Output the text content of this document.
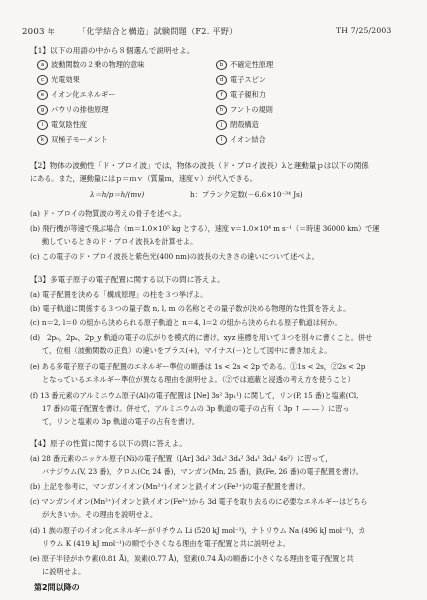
2003 年	「化学結合と構造」試験問題（F2. 平野）	TH 7/25/2003
【1】以下の用語の中から８個選んで説明せよ。
a 波動関数の２乗の物理的意味	b 不確定性原理
c 光電効果	d 電子スピン
e イオン化エネルギー	f 電子親和力
g パウリの排他原理	h フントの規則
i 電気陰性度	j 閉殻構造
k 双極子モーメント	l イオン結合
【2】物体の波動性「ド・ブロイ波」では，物体の波長（ド・ブロイ波長）λと運動量ｐは以下の関係
にある。また，運動量にはｐ＝ｍｖ（質量ｍ，速度ｖ）が代入できる。
λ＝h/p＝h/(mv)	h：プランク定数(－6.6×10⁻³⁴ Js)
(a) ド・ブロイの物質波の考えの骨子を述べよ。
(b) 飛行機が等速で飛ぶ場合（m＝1.0×10⁵ kg とする），速度 v＝1.0×10⁴ m s⁻¹（＝時速 36000 km）で運
動しているときのド・ブロイ波長λを計算せよ。
(c) この電子のド・ブロイ波長と紫色光(400 nm)の波長の大きさの違いについて述べよ。
【3】多電子原子の電子配置に関する以下の問に答えよ。
(a) 電子配置を決める「構成原理」の柱を３つ挙げよ。
(b) 電子軌道に関係する３つの量子数 n, l, m の名称とその量子数が決める物理的な性質を答えよ。
(c) n＝2, l＝0 の組から決められる原子軌道と n＝4, l＝2 の組から決められる原子軌道は何か。
(d)　2p₀，2pₓ，2p_y 軌道の電子の広がりを模式的に書け。xyz 座標を用いて３つを別々に書くこと。併せ
て，位相（波動関数の正負）の違いをプラス(+)，マイナス(－)として図中に書き加えよ。
(e) ある多電子原子の電子配置のエネルギー準位の順番は 1s < 2s < 2p である。①1s < 2s，②2s < 2p
となっているエネルギー準位が異なる理由を説明せよ。（②では遮蔽と浸透の考え方を使うこと）
(f) 13 番元素のアルミニウム原子(Al)の電子配置は [Ne] 3s² 3p₁¹) に関して，リン(P, 15 番)と塩素(Cl,
17 番)の電子配置を書け。併せて，アルミニウムの 3p 軌道の電子の占有（ 3p ↑ ― ― ）に習っ
て，リンと塩素の 3p 軌道の電子の占有を書け。
【4】原子の性質に関する以下の問に答えよ。
(a) 28 番元素のニッケル原子(Ni)の電子配置（[Ar] 3d₄² 3d₄² 3d₄² 3d₄¹ 3d₄¹ 4s²）に習って，
バナジウム(V, 23 番)，クロム(Cr, 24 番)，マンガン(Mn, 25 番)，鉄(Fe, 26 番)の電子配置を書け。
(b) 上記を参考に，マンガンイオン(Mn²⁺)イオンと鉄イオン(Fe³⁺)の電子配置を書け。
(c) マンガンイオン(Mn²⁺)イオンと鉄イオン(Fe³⁺)から 3d 電子を取り去るのに必要なエネルギーはどちら
が大きいか。その理由を説明せよ。
(d) 1 族の原子のイオン化エネルギーがリチウム Li (520 kJ mol⁻¹)，ナトリウム Na (496 kJ mol⁻¹)，カ
リウム K (419 kJ mol⁻¹)の順で小さくなる理由を電子配置と共に説明せよ。
(e) 原子半径がホウ素(0.81 Å)，炭素(0.77 Å)，窒素(0.74 Å)の順番に小さくなる理由を電子配置と共
に説明せよ。
第2問以降の
